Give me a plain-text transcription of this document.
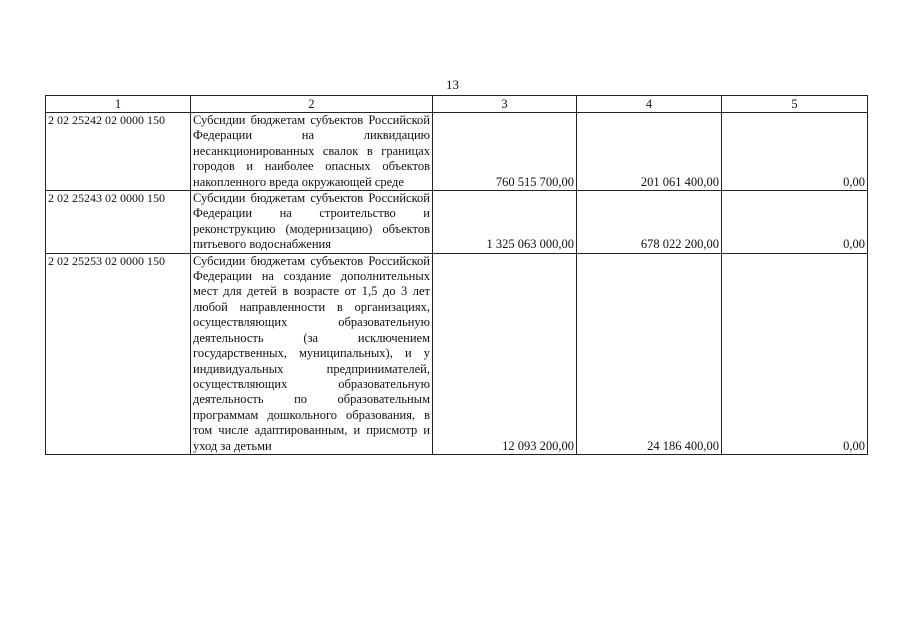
13
1	2	3	4	5
2 02 25242 02 0000 150	Субсидии бюджетам субъектов Российской Федерации на ликвидацию несанкционированных свалок в границах городов и наиболее опасных объектов накопленного вреда окружающей среде	760 515 700,00	201 061 400,00	0,00
2 02 25243 02 0000 150	Субсидии бюджетам субъектов Российской Федерации на строительство и реконструкцию (модернизацию) объектов питьевого водоснабжения	1 325 063 000,00	678 022 200,00	0,00
2 02 25253 02 0000 150	Субсидии бюджетам субъектов Российской Федерации на создание дополнительных мест для детей в возрасте от 1,5 до 3 лет любой направленности в организациях, осуществляющих образовательную деятельность (за исключением государственных, муниципальных), и у индивидуальных предпринимателей, осуществляющих образовательную деятельность по образовательным программам дошкольного образования, в том числе адаптированным, и присмотр и уход за детьми	12 093 200,00	24 186 400,00	0,00
